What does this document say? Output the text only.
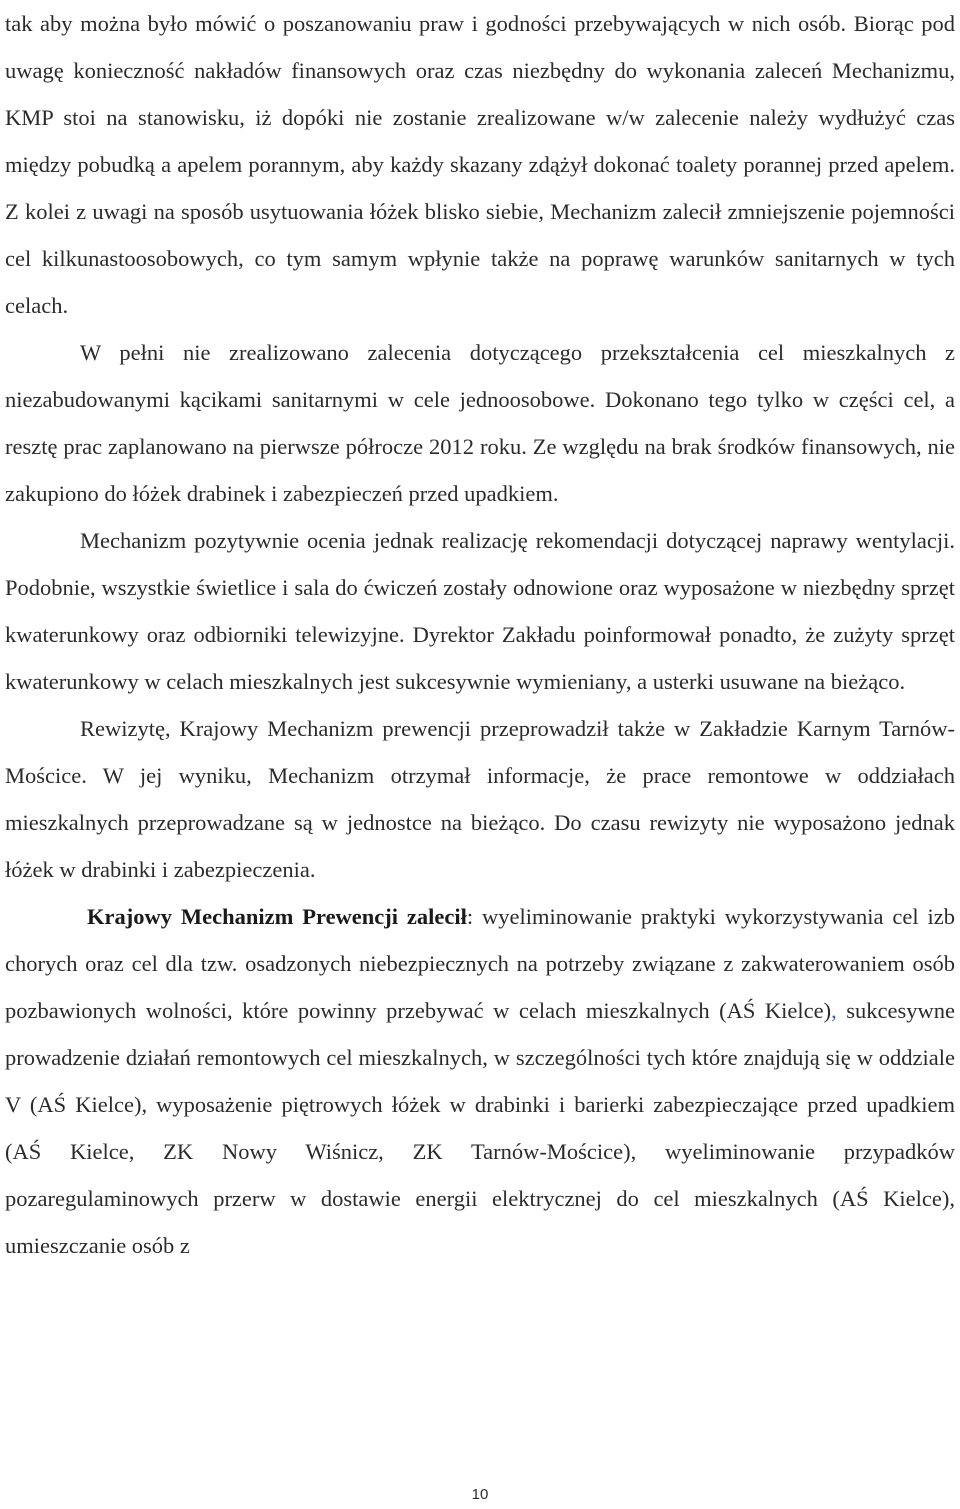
tak aby można było mówić o poszanowaniu praw i godności przebywających w nich osób. Biorąc pod uwagę konieczność nakładów finansowych oraz czas niezbędny do wykonania zaleceń Mechanizmu, KMP stoi na stanowisku, iż dopóki nie zostanie zrealizowane w/w zalecenie należy wydłużyć czas między pobudką a apelem porannym, aby każdy skazany zdążył dokonać toalety porannej przed apelem. Z kolei z uwagi na sposób usytuowania łóżek blisko siebie, Mechanizm zalecił zmniejszenie pojemności cel kilkunastoosobowych, co tym samym wpłynie także na poprawę warunków sanitarnych w tych celach.

W pełni nie zrealizowano zalecenia dotyczącego przekształcenia cel mieszkalnych z niezabudowanymi kącikami sanitarnymi w cele jednoosobowe. Dokonano tego tylko w części cel, a resztę prac zaplanowano na pierwsze półrocze 2012 roku. Ze względu na brak środków finansowych, nie zakupiono do łóżek drabinek i zabezpieczeń przed upadkiem.

Mechanizm pozytywnie ocenia jednak realizację rekomendacji dotyczącej naprawy wentylacji. Podobnie, wszystkie świetlice i sala do ćwiczeń zostały odnowione oraz wyposażone w niezbędny sprzęt kwaterunkowy oraz odbiorniki telewizyjne. Dyrektor Zakładu poinformował ponadto, że zużyty sprzęt kwaterunkowy w celach mieszkalnych jest sukcesywnie wymieniany, a usterki usuwane na bieżąco.

Rewizytę, Krajowy Mechanizm prewencji przeprowadził także w Zakładzie Karnym Tarnów-Mościce. W jej wyniku, Mechanizm otrzymał informacje, że prace remontowe w oddziałach mieszkalnych przeprowadzane są w jednostce na bieżąco. Do czasu rewizyty nie wyposażono jednak łóżek w drabinki i zabezpieczenia.

Krajowy Mechanizm Prewencji zalecił: wyeliminowanie praktyki wykorzystywania cel izb chorych oraz cel dla tzw. osadzonych niebezpiecznych na potrzeby związane z zakwaterowaniem osób pozbawionych wolności, które powinny przebywać w celach mieszkalnych (AŚ Kielce), sukcesywne prowadzenie działań remontowych cel mieszkalnych, w szczególności tych które znajdują się w oddziale V (AŚ Kielce), wyposażenie piętrowych łóżek w drabinki i barierki zabezpieczające przed upadkiem (AŚ Kielce, ZK Nowy Wiśnicz, ZK Tarnów-Mościce), wyeliminowanie przypadków pozaregulaminowych przerw w dostawie energii elektrycznej do cel mieszkalnych (AŚ Kielce), umieszczanie osób z

10
